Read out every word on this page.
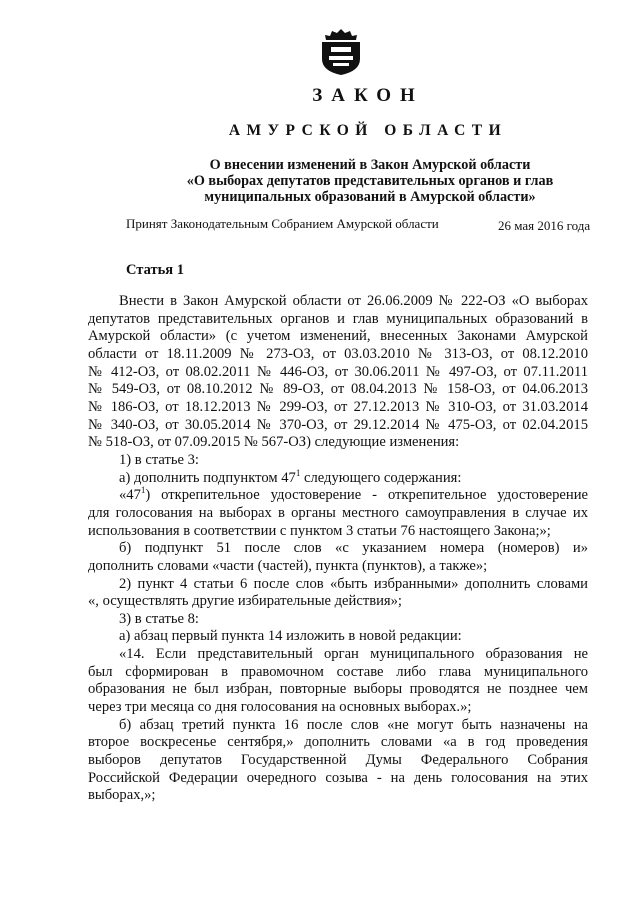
ЗАКОН
АМУРСКОЙ ОБЛАСТИ
О внесении изменений в Закон Амурской области
«О выборах депутатов представительных органов и глав
муниципальных образований в Амурской области»
Принят Законодательным Собранием Амурской области	26 мая 2016 года
Статья 1

Внести в Закон Амурской области от 26.06.2009 № 222-ОЗ «О выборах

депутатов представительных органов и глав муниципальных образований в

Амурской области» (с учетом изменений, внесенных Законами Амурской

области от 18.11.2009 № 273-ОЗ, от 03.03.2010 № 313-ОЗ, от 08.12.2010

№ 412-ОЗ, от 08.02.2011 № 446-ОЗ, от 30.06.2011 № 497-ОЗ, от 07.11.2011

№ 549-ОЗ, от 08.10.2012 № 89-ОЗ, от 08.04.2013 № 158-ОЗ, от 04.06.2013

№ 186-ОЗ, от 18.12.2013 № 299-ОЗ, от 27.12.2013 № 310-ОЗ, от 31.03.2014

№ 340-ОЗ, от 30.05.2014 № 370-ОЗ, от 29.12.2014 № 475-ОЗ, от 02.04.2015

№ 518-ОЗ, от 07.09.2015 № 567-ОЗ) следующие изменения:

1) в статье 3:

а) дополнить подпунктом $47^1$ следующего содержания:

«$47^1$) открепительное удостоверение - открепительное удостоверение

для голосования на выборах в органы местного самоуправления в случае их

использования в соответствии с пунктом 3 статьи 76 настоящего Закона;»;

б) подпункт 51 после слов «с указанием номера (номеров) и»

дополнить словами «части (частей), пункта (пунктов), а также»;

2) пункт 4 статьи 6 после слов «быть избранными» дополнить словами

«, осуществлять другие избирательные действия»;

3) в статье 8:

а) абзац первый пункта 14 изложить в новой редакции:

«14. Если представительный орган муниципального образования не

был сформирован в правомочном составе либо глава муниципального

образования не был избран, повторные выборы проводятся не позднее чем

через три месяца со дня голосования на основных выборах.»;

б) абзац третий пункта 16 после слов «не могут быть назначены на

второе воскресенье сентября,» дополнить словами «а в год проведения

выборов депутатов Государственной Думы Федерального Собрания

Российской Федерации очередного созыва - на день голосования на этих

выборах,»;
